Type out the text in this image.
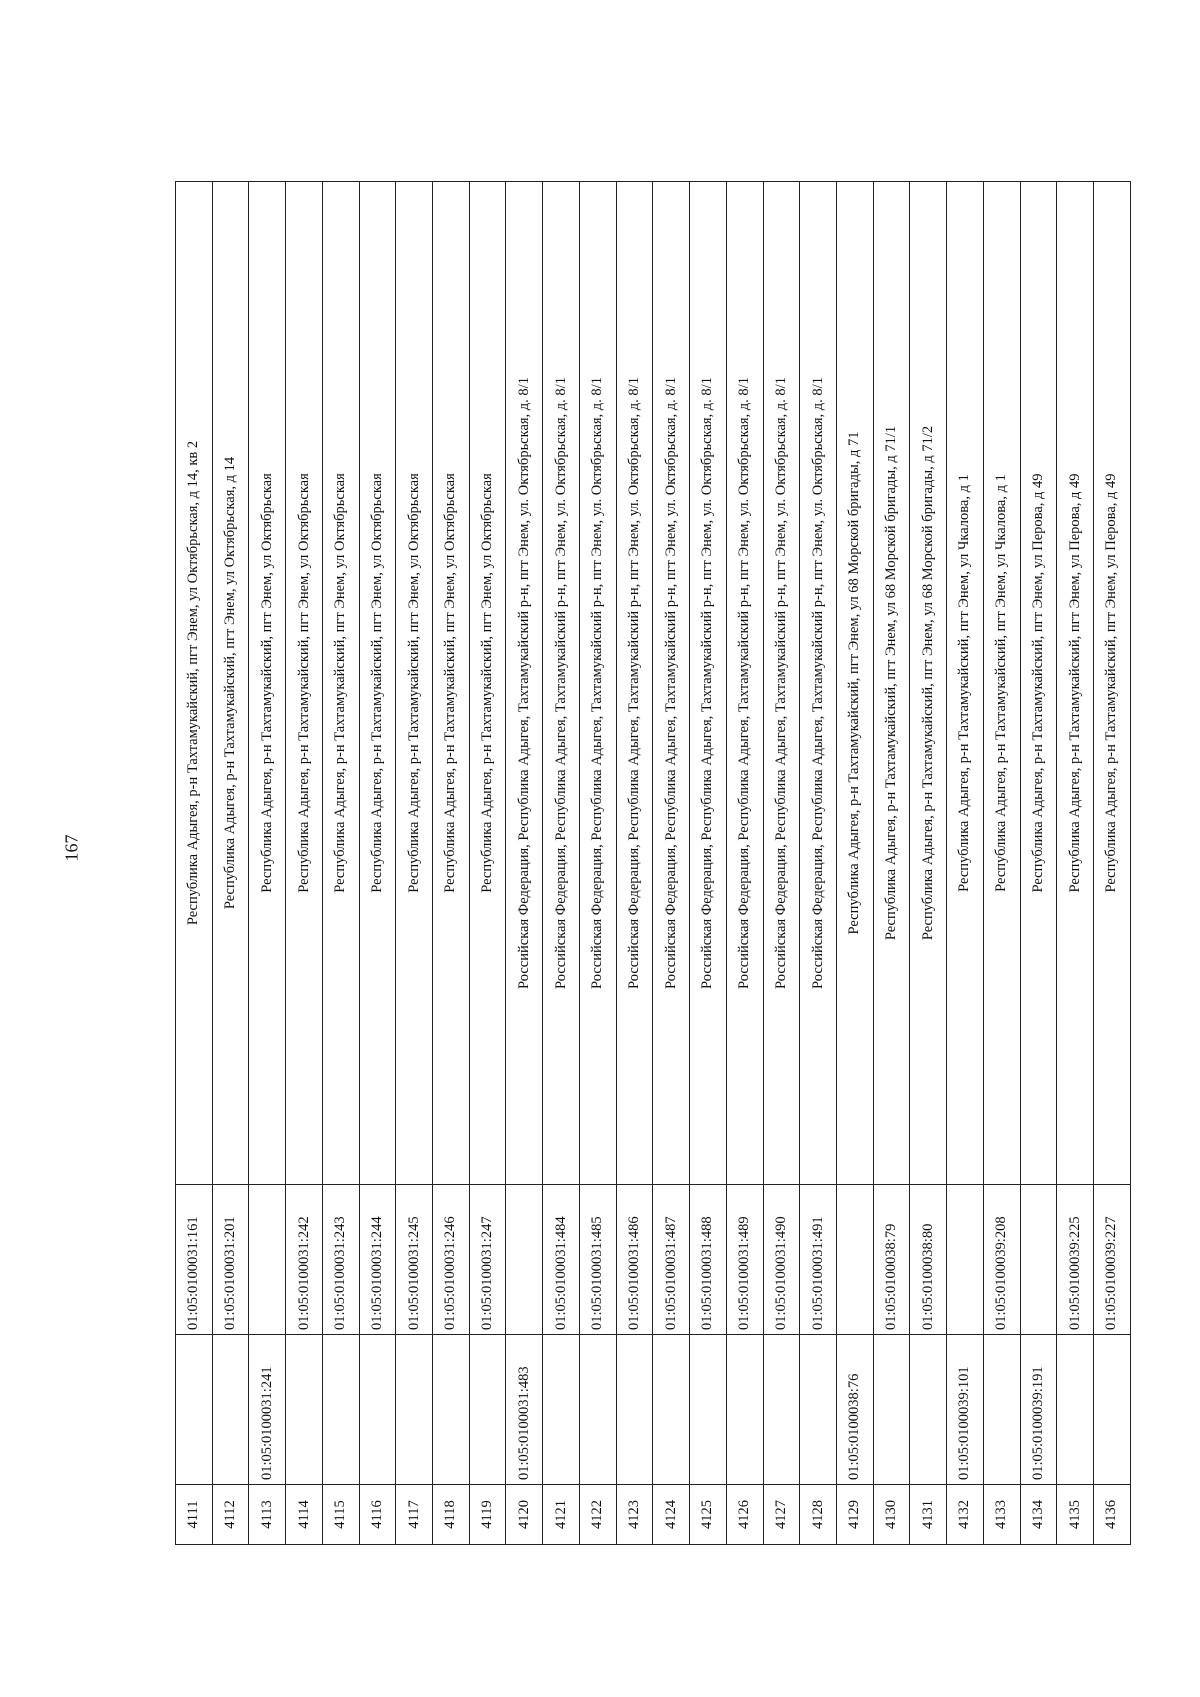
167
4111		01:05:0100031:161	Республика Адыгея, р-н Тахтамукайский, пгт Энем, ул Октябрьская, д 14, кв 2
4112		01:05:0100031:201	Республика Адыгея, р-н Тахтамукайский, пгт Энем, ул Октябрьская, д 14
4113	01:05:0100031:241		Республика Адыгея, р-н Тахтамукайский, пгт Энем, ул Октябрьская
4114		01:05:0100031:242	Республика Адыгея, р-н Тахтамукайский, пгт Энем, ул Октябрьская
4115		01:05:0100031:243	Республика Адыгея, р-н Тахтамукайский, пгт Энем, ул Октябрьская
4116		01:05:0100031:244	Республика Адыгея, р-н Тахтамукайский, пгт Энем, ул Октябрьская
4117		01:05:0100031:245	Республика Адыгея, р-н Тахтамукайский, пгт Энем, ул Октябрьская
4118		01:05:0100031:246	Республика Адыгея, р-н Тахтамукайский, пгт Энем, ул Октябрьская
4119		01:05:0100031:247	Республика Адыгея, р-н Тахтамукайский, пгт Энем, ул Октябрьская
4120	01:05:0100031:483		Российская Федерация, Республика Адыгея, Тахтамукайский р-н, пгт Энем, ул. Октябрьская, д. 8/1
4121		01:05:0100031:484	Российская Федерация, Республика Адыгея, Тахтамукайский р-н, пгт Энем, ул. Октябрьская, д. 8/1
4122		01:05:0100031:485	Российская Федерация, Республика Адыгея, Тахтамукайский р-н, пгт Энем, ул. Октябрьская, д. 8/1
4123		01:05:0100031:486	Российская Федерация, Республика Адыгея, Тахтамукайский р-н, пгт Энем, ул. Октябрьская, д. 8/1
4124		01:05:0100031:487	Российская Федерация, Республика Адыгея, Тахтамукайский р-н, пгт Энем, ул. Октябрьская, д. 8/1
4125		01:05:0100031:488	Российская Федерация, Республика Адыгея, Тахтамукайский р-н, пгт Энем, ул. Октябрьская, д. 8/1
4126		01:05:0100031:489	Российская Федерация, Республика Адыгея, Тахтамукайский р-н, пгт Энем, ул. Октябрьская, д. 8/1
4127		01:05:0100031:490	Российская Федерация, Республика Адыгея, Тахтамукайский р-н, пгт Энем, ул. Октябрьская, д. 8/1
4128		01:05:0100031:491	Российская Федерация, Республика Адыгея, Тахтамукайский р-н, пгт Энем, ул. Октябрьская, д. 8/1
4129	01:05:0100038:76		Республика Адыгея, р-н Тахтамукайский, пгт Энем, ул 68 Морской бригады, д 71
4130		01:05:0100038:79	Республика Адыгея, р-н Тахтамукайский, пгт Энем, ул 68 Морской бригады, д 71/1
4131		01:05:0100038:80	Республика Адыгея, р-н Тахтамукайский, пгт Энем, ул 68 Морской бригады, д 71/2
4132	01:05:0100039:101		Республика Адыгея, р-н Тахтамукайский, пгт Энем, ул Чкалова, д 1
4133		01:05:0100039:208	Республика Адыгея, р-н Тахтамукайский, пгт Энем, ул Чкалова, д 1
4134	01:05:0100039:191		Республика Адыгея, р-н Тахтамукайский, пгт Энем, ул Перова, д 49
4135		01:05:0100039:225	Республика Адыгея, р-н Тахтамукайский, пгт Энем, ул Перова, д 49
4136		01:05:0100039:227	Республика Адыгея, р-н Тахтамукайский, пгт Энем, ул Перова, д 49
